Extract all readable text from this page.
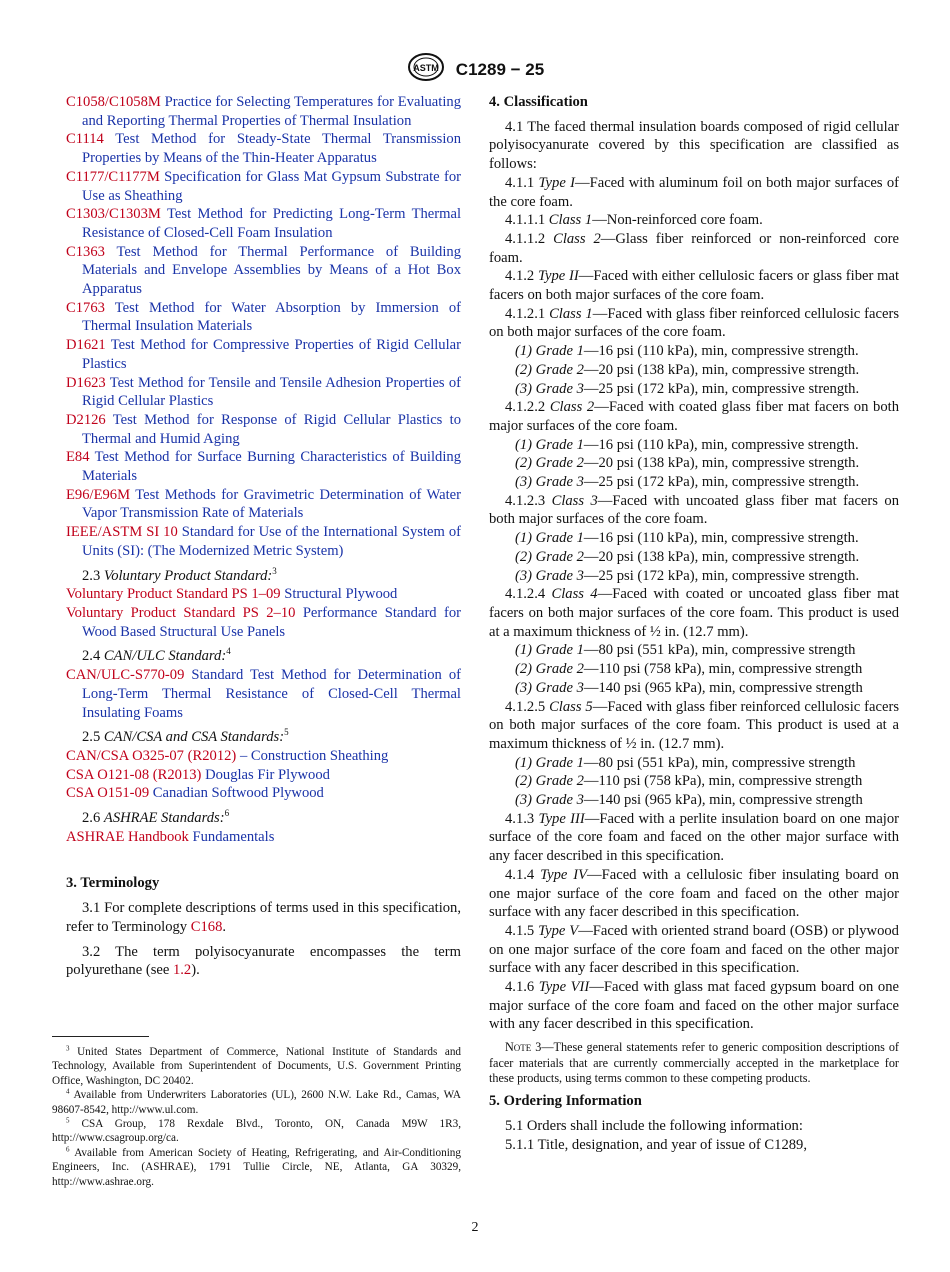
ASTM C1289 − 25

C1058/C1058M Practice for Selecting Temperatures for Evaluating and Reporting Thermal Properties of Thermal Insulation

C1114 Test Method for Steady-State Thermal Transmission Properties by Means of the Thin-Heater Apparatus

C1177/C1177M Specification for Glass Mat Gypsum Substrate for Use as Sheathing

C1303/C1303M Test Method for Predicting Long-Term Thermal Resistance of Closed-Cell Foam Insulation

C1363 Test Method for Thermal Performance of Building Materials and Envelope Assemblies by Means of a Hot Box Apparatus

C1763 Test Method for Water Absorption by Immersion of Thermal Insulation Materials

D1621 Test Method for Compressive Properties of Rigid Cellular Plastics

D1623 Test Method for Tensile and Tensile Adhesion Properties of Rigid Cellular Plastics

D2126 Test Method for Response of Rigid Cellular Plastics to Thermal and Humid Aging

E84 Test Method for Surface Burning Characteristics of Building Materials

E96/E96M Test Methods for Gravimetric Determination of Water Vapor Transmission Rate of Materials

IEEE/ASTM SI 10 Standard for Use of the International System of Units (SI): (The Modernized Metric System)

2.3 Voluntary Product Standard:$^3$

Voluntary Product Standard PS 1–09 Structural Plywood

Voluntary Product Standard PS 2–10 Performance Standard for Wood Based Structural Use Panels

2.4 CAN/ULC Standard:$^4$

CAN/ULC-S770-09 Standard Test Method for Determination of Long-Term Thermal Resistance of Closed-Cell Thermal Insulating Foams

2.5 CAN/CSA and CSA Standards:$^5$

CAN/CSA O325-07 (R2012) – Construction Sheathing

CSA O121-08 (R2013) Douglas Fir Plywood

CSA O151-09 Canadian Softwood Plywood

2.6 ASHRAE Standards:$^6$

ASHRAE Handbook Fundamentals

3. Terminology

3.1 For complete descriptions of terms used in this specification, refer to Terminology C168.

3.2 The term polyisocyanurate encompasses the term polyurethane (see 1.2).

$^3$ United States Department of Commerce, National Institute of Standards and Technology, Available from Superintendent of Documents, U.S. Government Printing Office, Washington, DC 20402.

$^4$ Available from Underwriters Laboratories (UL), 2600 N.W. Lake Rd., Camas, WA 98607-8542, http://www.ul.com.

$^5$ CSA Group, 178 Rexdale Blvd., Toronto, ON, Canada M9W 1R3, http://www.csagroup.org/ca.

$^6$ Available from American Society of Heating, Refrigerating, and Air-Conditioning Engineers, Inc. (ASHRAE), 1791 Tullie Circle, NE, Atlanta, GA 30329, http://www.ashrae.org.

4. Classification

4.1 The faced thermal insulation boards composed of rigid cellular polyisocyanurate covered by this specification are classified as follows:

4.1.1 Type I—Faced with aluminum foil on both major surfaces of the core foam.

4.1.1.1 Class 1—Non-reinforced core foam.

4.1.1.2 Class 2—Glass fiber reinforced or non-reinforced core foam.

4.1.2 Type II—Faced with either cellulosic facers or glass fiber mat facers on both major surfaces of the core foam.

4.1.2.1 Class 1—Faced with glass fiber reinforced cellulosic facers on both major surfaces of the core foam.

(1) Grade 1—16 psi (110 kPa), min, compressive strength.

(2) Grade 2—20 psi (138 kPa), min, compressive strength.

(3) Grade 3—25 psi (172 kPa), min, compressive strength.

4.1.2.2 Class 2—Faced with coated glass fiber mat facers on both major surfaces of the core foam.

(1) Grade 1—16 psi (110 kPa), min, compressive strength.

(2) Grade 2—20 psi (138 kPa), min, compressive strength.

(3) Grade 3—25 psi (172 kPa), min, compressive strength.

4.1.2.3 Class 3—Faced with uncoated glass fiber mat facers on both major surfaces of the core foam.

(1) Grade 1—16 psi (110 kPa), min, compressive strength.

(2) Grade 2—20 psi (138 kPa), min, compressive strength.

(3) Grade 3—25 psi (172 kPa), min, compressive strength.

4.1.2.4 Class 4—Faced with coated or uncoated glass fiber mat facers on both major surfaces of the core foam. This product is used at a maximum thickness of ½ in. (12.7 mm).

(1) Grade 1—80 psi (551 kPa), min, compressive strength

(2) Grade 2—110 psi (758 kPa), min, compressive strength

(3) Grade 3—140 psi (965 kPa), min, compressive strength

4.1.2.5 Class 5—Faced with glass fiber reinforced cellulosic facers on both major surfaces of the core foam. This product is used at a maximum thickness of ½ in. (12.7 mm).

(1) Grade 1—80 psi (551 kPa), min, compressive strength

(2) Grade 2—110 psi (758 kPa), min, compressive strength

(3) Grade 3—140 psi (965 kPa), min, compressive strength

4.1.3 Type III—Faced with a perlite insulation board on one major surface of the core foam and faced on the other major surface with any facer described in this specification.

4.1.4 Type IV—Faced with a cellulosic fiber insulating board on one major surface of the core foam and faced on the other major surface with any facer described in this specification.

4.1.5 Type V—Faced with oriented strand board (OSB) or plywood on one major surface of the core foam and faced on the other major surface with any facer described in this specification.

4.1.6 Type VII—Faced with glass mat faced gypsum board on one major surface of the core foam and faced on the other major surface with any facer described in this specification.

Note 3—These general statements refer to generic composition descriptions of facer materials that are currently commercially accepted in the marketplace for these products, using terms common to these competing products.

5. Ordering Information

5.1 Orders shall include the following information:

5.1.1 Title, designation, and year of issue of C1289,

2
